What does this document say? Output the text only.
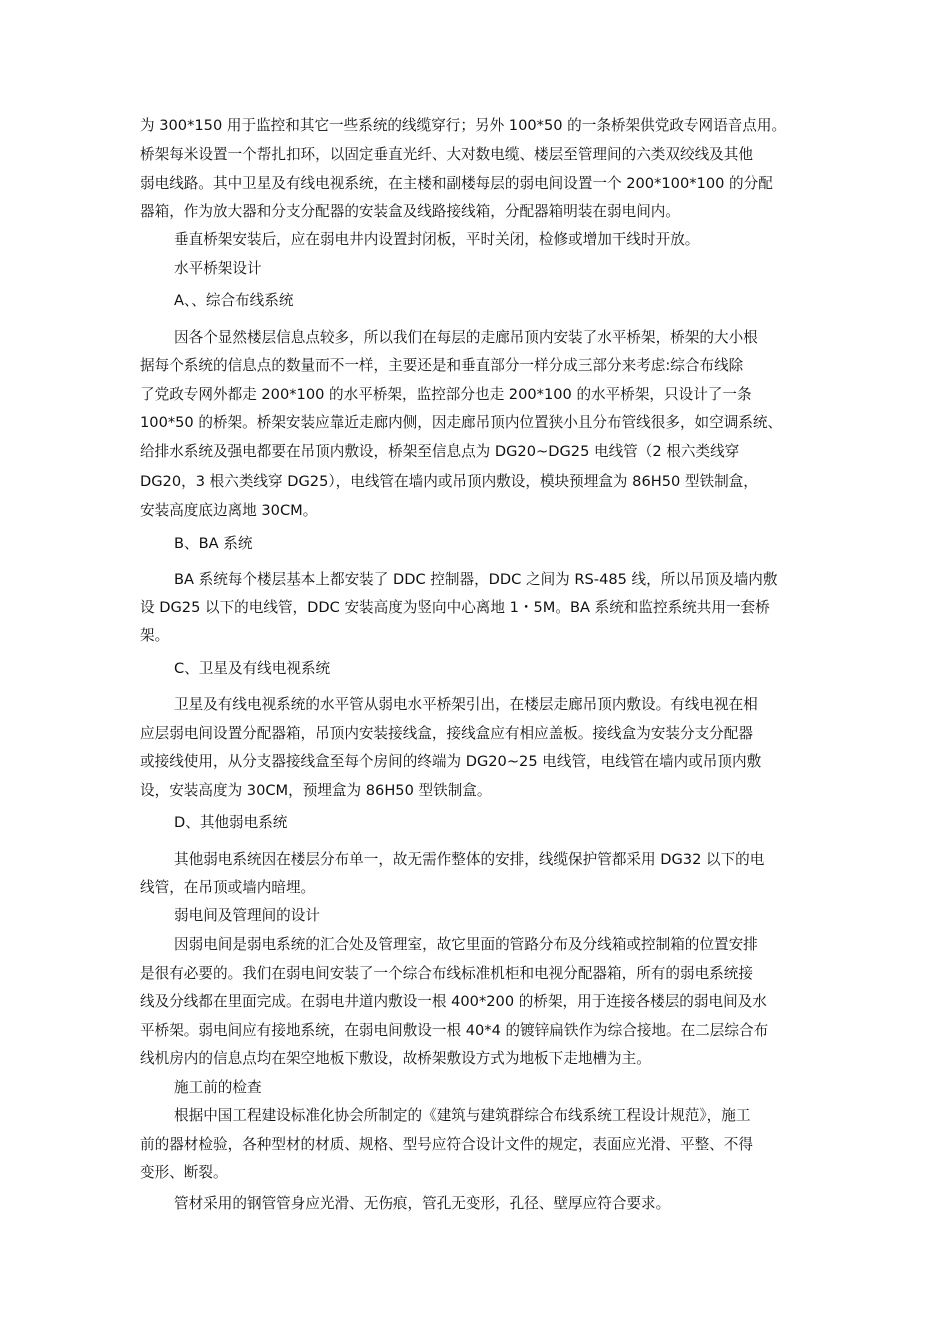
为 300*150 用于监控和其它一些系统的线缆穿行；另外 100*50 的一条桥架供党政专网语音点用。
桥架每米设置一个帮扎扣环，以固定垂直光纤、大对数电缆、楼层至管理间的六类双绞线及其他
弱电线路。其中卫星及有线电视系统，在主楼和副楼每层的弱电间设置一个 200*100*100 的分配
器箱，作为放大器和分支分配器的安装盒及线路接线箱，分配器箱明装在弱电间内。
垂直桥架安装后，应在弱电井内设置封闭板，平时关闭，检修或增加干线时开放。
水平桥架设计
A、、综合布线系统
因各个显然楼层信息点较多，所以我们在每层的走廊吊顶内安装了水平桥架，桥架的大小根
据每个系统的信息点的数量而不一样，主要还是和垂直部分一样分成三部分来考虑:综合布线除
了党政专网外都走 200*100 的水平桥架，监控部分也走 200*100 的水平桥架，只设计了一条
100*50 的桥架。桥架安装应靠近走廊内侧，因走廊吊顶内位置狭小且分布管线很多，如空调系统、
给排水系统及强电都要在吊顶内敷设，桥架至信息点为 DG20~DG25 电线管（2 根六类线穿
DG20，3 根六类线穿 DG25），电线管在墙内或吊顶内敷设，模块预埋盒为 86H50 型铁制盒，
安装高度底边离地 30CM。
B、BA 系统
BA 系统每个楼层基本上都安装了 DDC 控制器，DDC 之间为 RS-485 线，所以吊顶及墙内敷
设 DG25 以下的电线管，DDC 安装高度为竖向中心离地 1・5M。BA 系统和监控系统共用一套桥
架。
C、卫星及有线电视系统
卫星及有线电视系统的水平管从弱电水平桥架引出，在楼层走廊吊顶内敷设。有线电视在相
应层弱电间设置分配器箱，吊顶内安装接线盒，接线盒应有相应盖板。接线盒为安装分支分配器
或接线使用，从分支器接线盒至每个房间的终端为 DG20~25 电线管，电线管在墙内或吊顶内敷
设，安装高度为 30CM，预埋盒为 86H50 型铁制盒。
D、其他弱电系统
其他弱电系统因在楼层分布单一，故无需作整体的安排，线缆保护管都采用 DG32 以下的电
线管，在吊顶或墙内暗埋。
弱电间及管理间的设计
因弱电间是弱电系统的汇合处及管理室，故它里面的管路分布及分线箱或控制箱的位置安排
是很有必要的。我们在弱电间安装了一个综合布线标准机柜和电视分配器箱，所有的弱电系统接
线及分线都在里面完成。在弱电井道内敷设一根 400*200 的桥架，用于连接各楼层的弱电间及水
平桥架。弱电间应有接地系统，在弱电间敷设一根 40*4 的镀锌扁铁作为综合接地。在二层综合布
线机房内的信息点均在架空地板下敷设，故桥架敷设方式为地板下走地槽为主。
施工前的检查
根据中国工程建设标准化协会所制定的《建筑与建筑群综合布线系统工程设计规范》，施工
前的器材检验，各种型材的材质、规格、型号应符合设计文件的规定，表面应光滑、平整、不得
变形、断裂。
管材采用的钢管管身应光滑、无伤痕，管孔无变形，孔径、壁厚应符合要求。
